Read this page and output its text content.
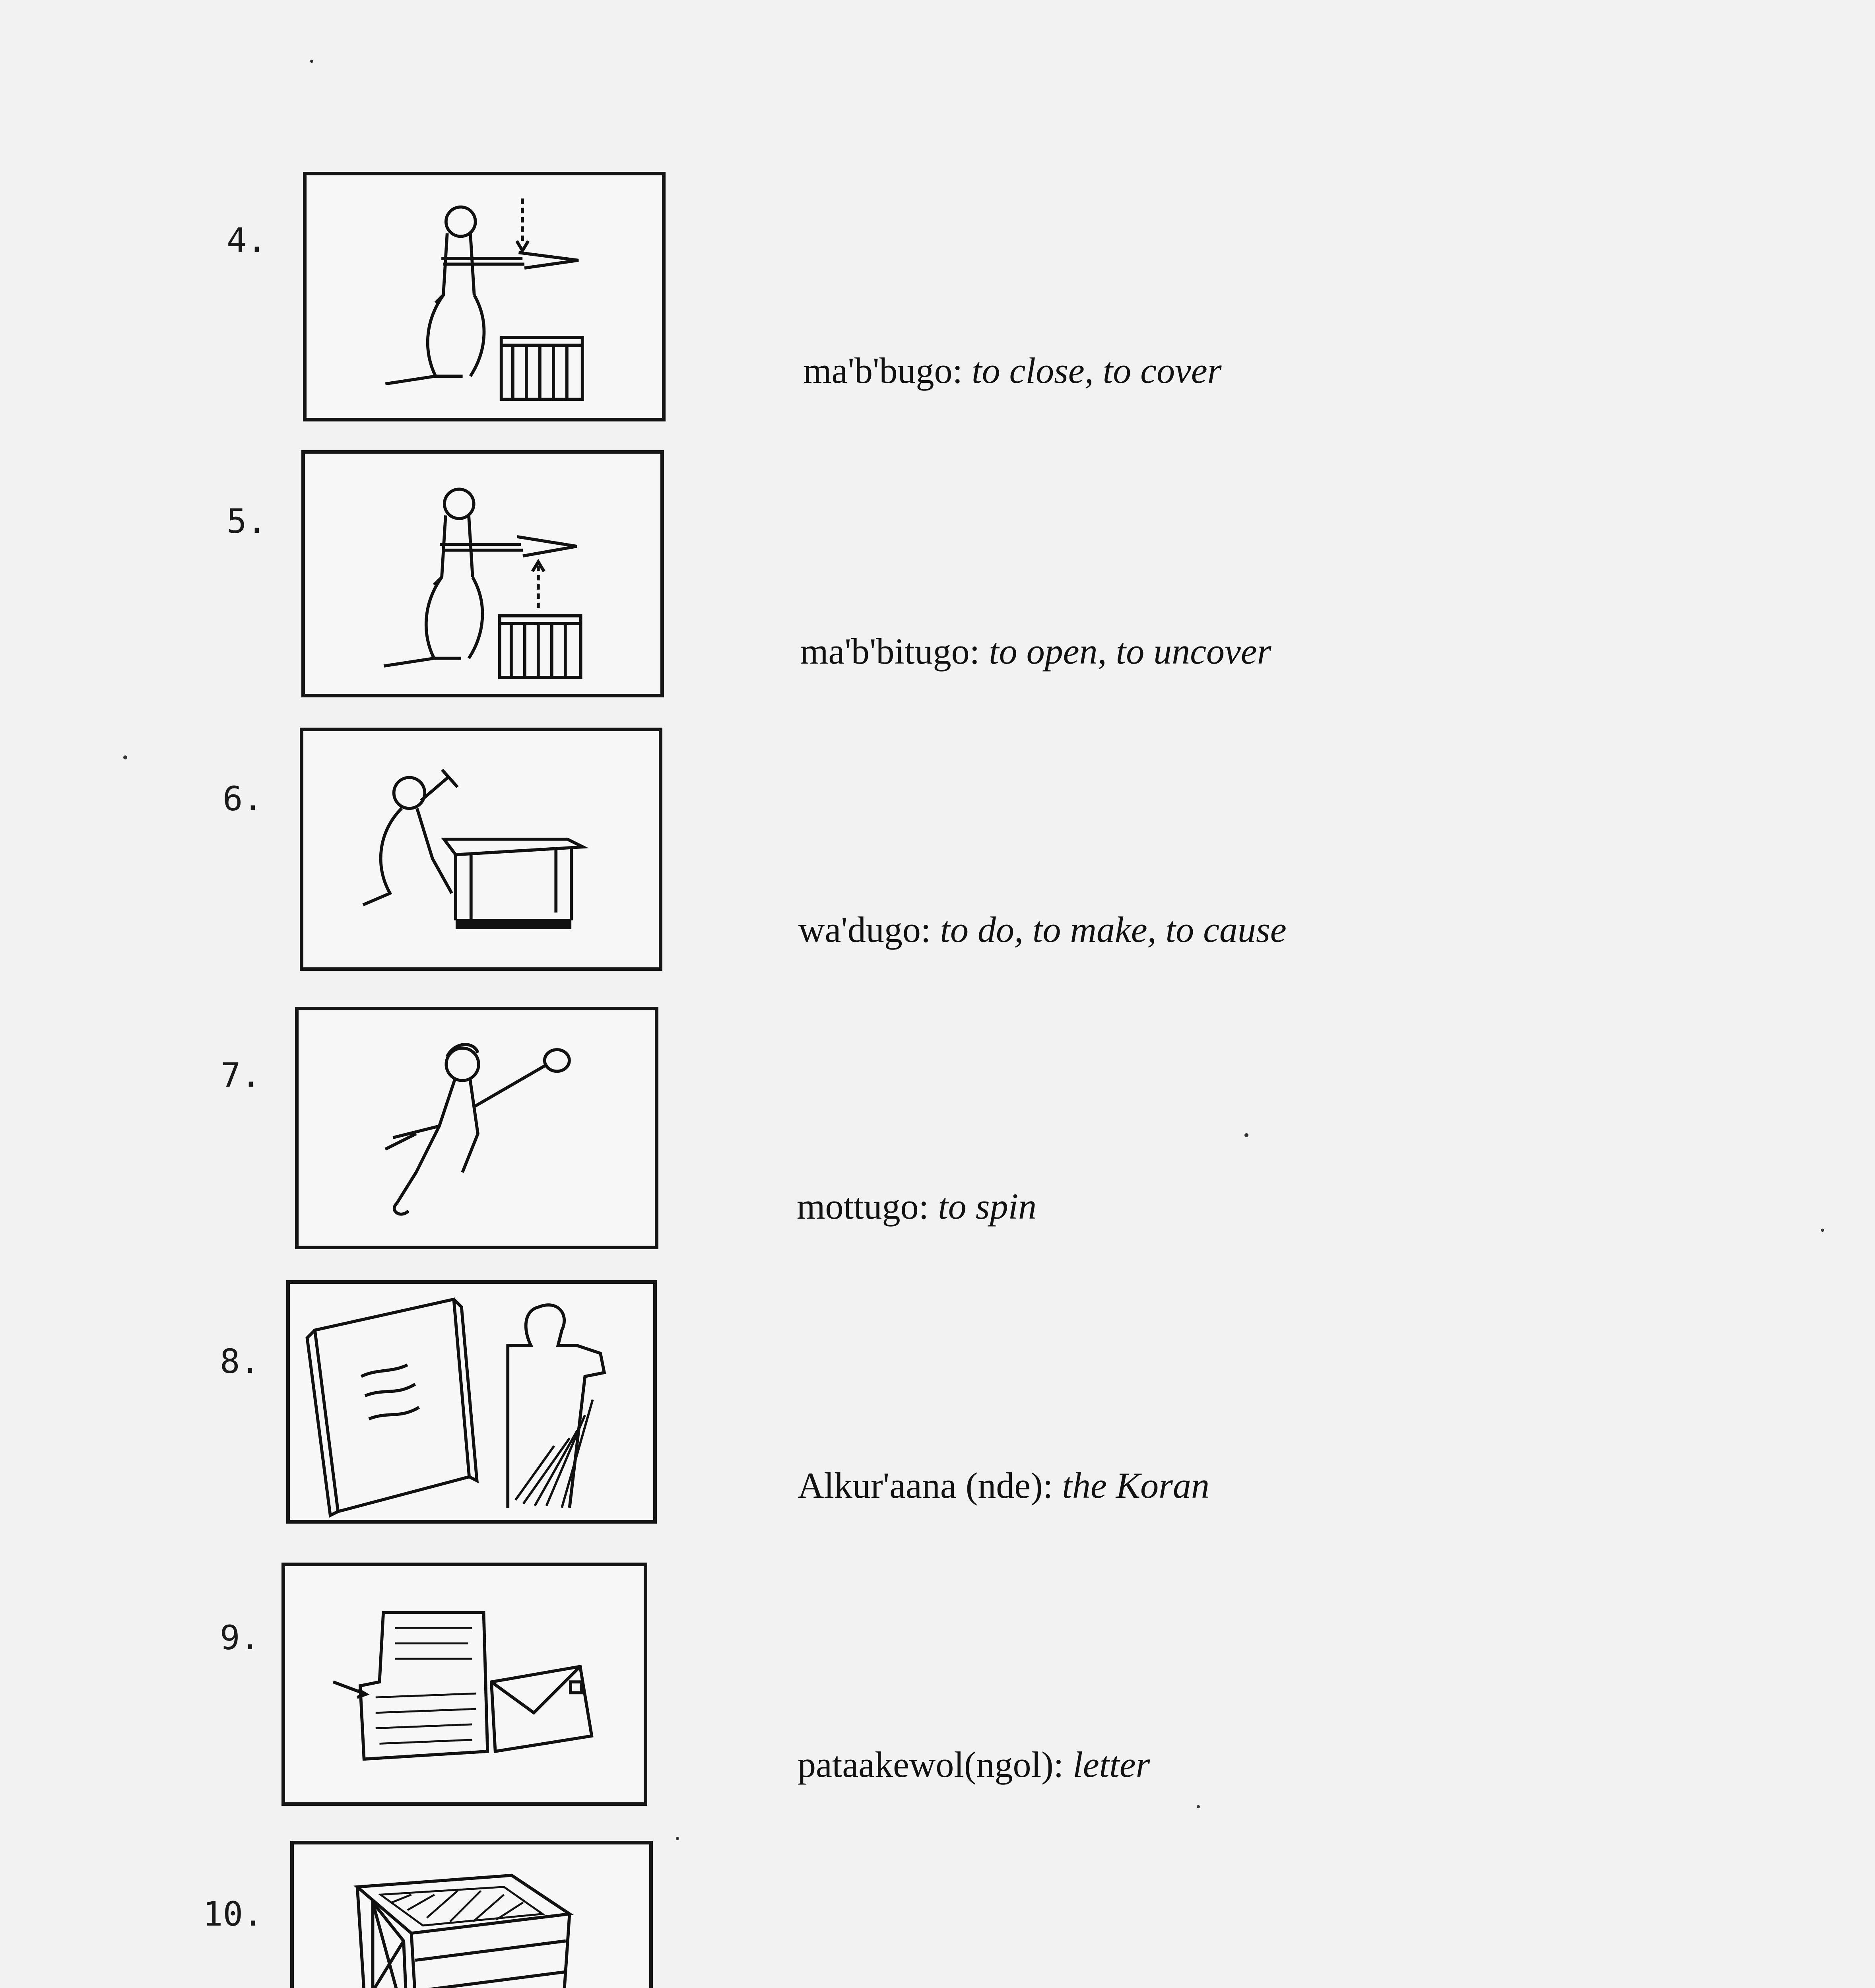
4.
ma'b'bugo: to close, to cover
5.
ma'b'bitugo: to open, to uncover
6.
wa'dugo: to do, to make, to cause
7.
mottugo: to spin
8.
Alkur'aana (nde): the Koran
9.
pataakewol(ngol): letter
10.
